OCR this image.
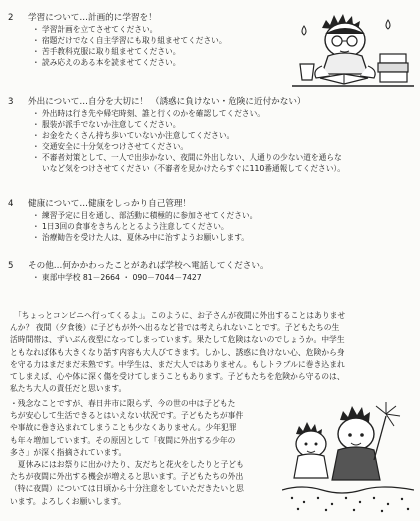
2 学習について…計画的に学習を！
・ 学習計画を立てさせてください。
・ 宿題だけでなく自主学習にも取り組ませてください。
・ 苦手教科克服に取り組ませてください。
・ 読み応えのある本を読ませてください。
3 外出について…自分を大切に！ （誘惑に負けない・危険に近付かない）
・ 外出時は行き先や帰宅時刻、誰と行くのかを確認してください。
・ 服装が派手でないか注意してください。
・ お金をたくさん持ち歩いていないか注意してください。
・ 交通安全に十分気をつけさせてください。
・ 不審者対策として、一人で出歩かない、夜間に外出しない、人通りの少ない道を通らな
いなど気をつけさせてください（不審者を見かけたらすぐに110番通報してください）。
4 健康について…健康をしっかり自己管理！
・ 練習予定に目を通し、部活動に積極的に参加させてください。
・ 1日3回の食事をきちんととるよう注意してください。
・ 治療勧告を受けた人は、夏休み中に治すようお願いします。
5 その他…何かかわったことがあれば学校へ電話してください。
・ 東部中学校 81－2664 ・ 090－7044－7427

　「ちょっとコンビニへ行ってくるよ」。このように、お子さんが夜間に外出することはありませ

んか？ 夜間（夕食後）に子どもが外へ出るなど昔では考えられないことです。子どもたちの生

活時間帯は、ずいぶん夜型になってしまっています。果たして危険はないのでしょうか。中学生

ともなれば体も大きくなり話す内容も大人びてきます。しかし、誘惑に負けない心、危険から身

を守る力はまだまだ未熟です。中学生は、まだ大人ではありません。もしトラブルに巻き込まれ

てしまえば、心や体に深く傷を受けてしまうこともあります。子どもたちを危険から守るのは、

私たち大人の責任だと思います。

・残念なことですが、春日井市に限らず、今の世の中は子どもた

ちが安心して生活できるとはいえない状況です。子どもたちが事件

や事故に巻き込まれてしまうことも少なくありません。少年犯罪

も年々増加しています。その原因として「夜間に外出する少年の

多さ」が深く指摘されています。

　夏休みにはお祭りに出かけたり、友だちと花火をしたりと子ども

たちが夜間に外出する機会が増えると思います。子どもたちの外出

（特に夜間）については日頃から十分注意をしていただきたいと思

います。よろしくお願いします。
